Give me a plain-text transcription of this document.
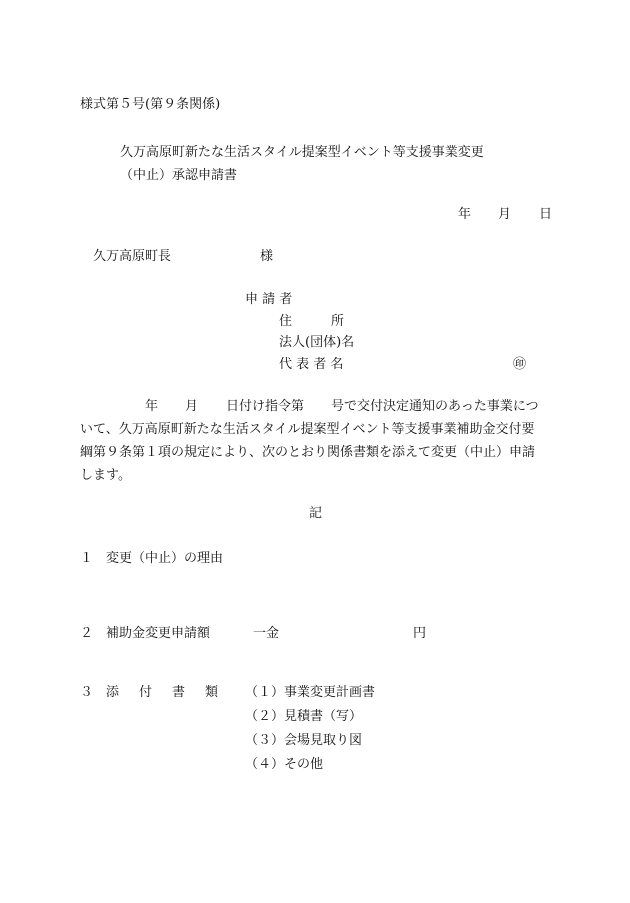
様式第５号(第９条関係)
久万高原町新たな生活スタイル提案型イベント等支援事業変更
（中止）承認申請書
年 月 日
久万高原町長	様
申 請 者
住　　　所
法人(団体)名
代 表 者 名	㊞
年 月 日付け指令第 号で交付決定通知のあった事業につ
いて、久万高原町新たな生活スタイル提案型イベント等支援事業補助金交付要
綱第９条第１項の規定により、次のとおり関係書類を添えて変更（中止）申請
します。
記
１ 変更（中止）の理由
２ 補助金変更申請額	一金	円
３ 添 付 書 類 （１）事業変更計画書
（２）見積書（写）
（３）会場見取り図
（４）その他
